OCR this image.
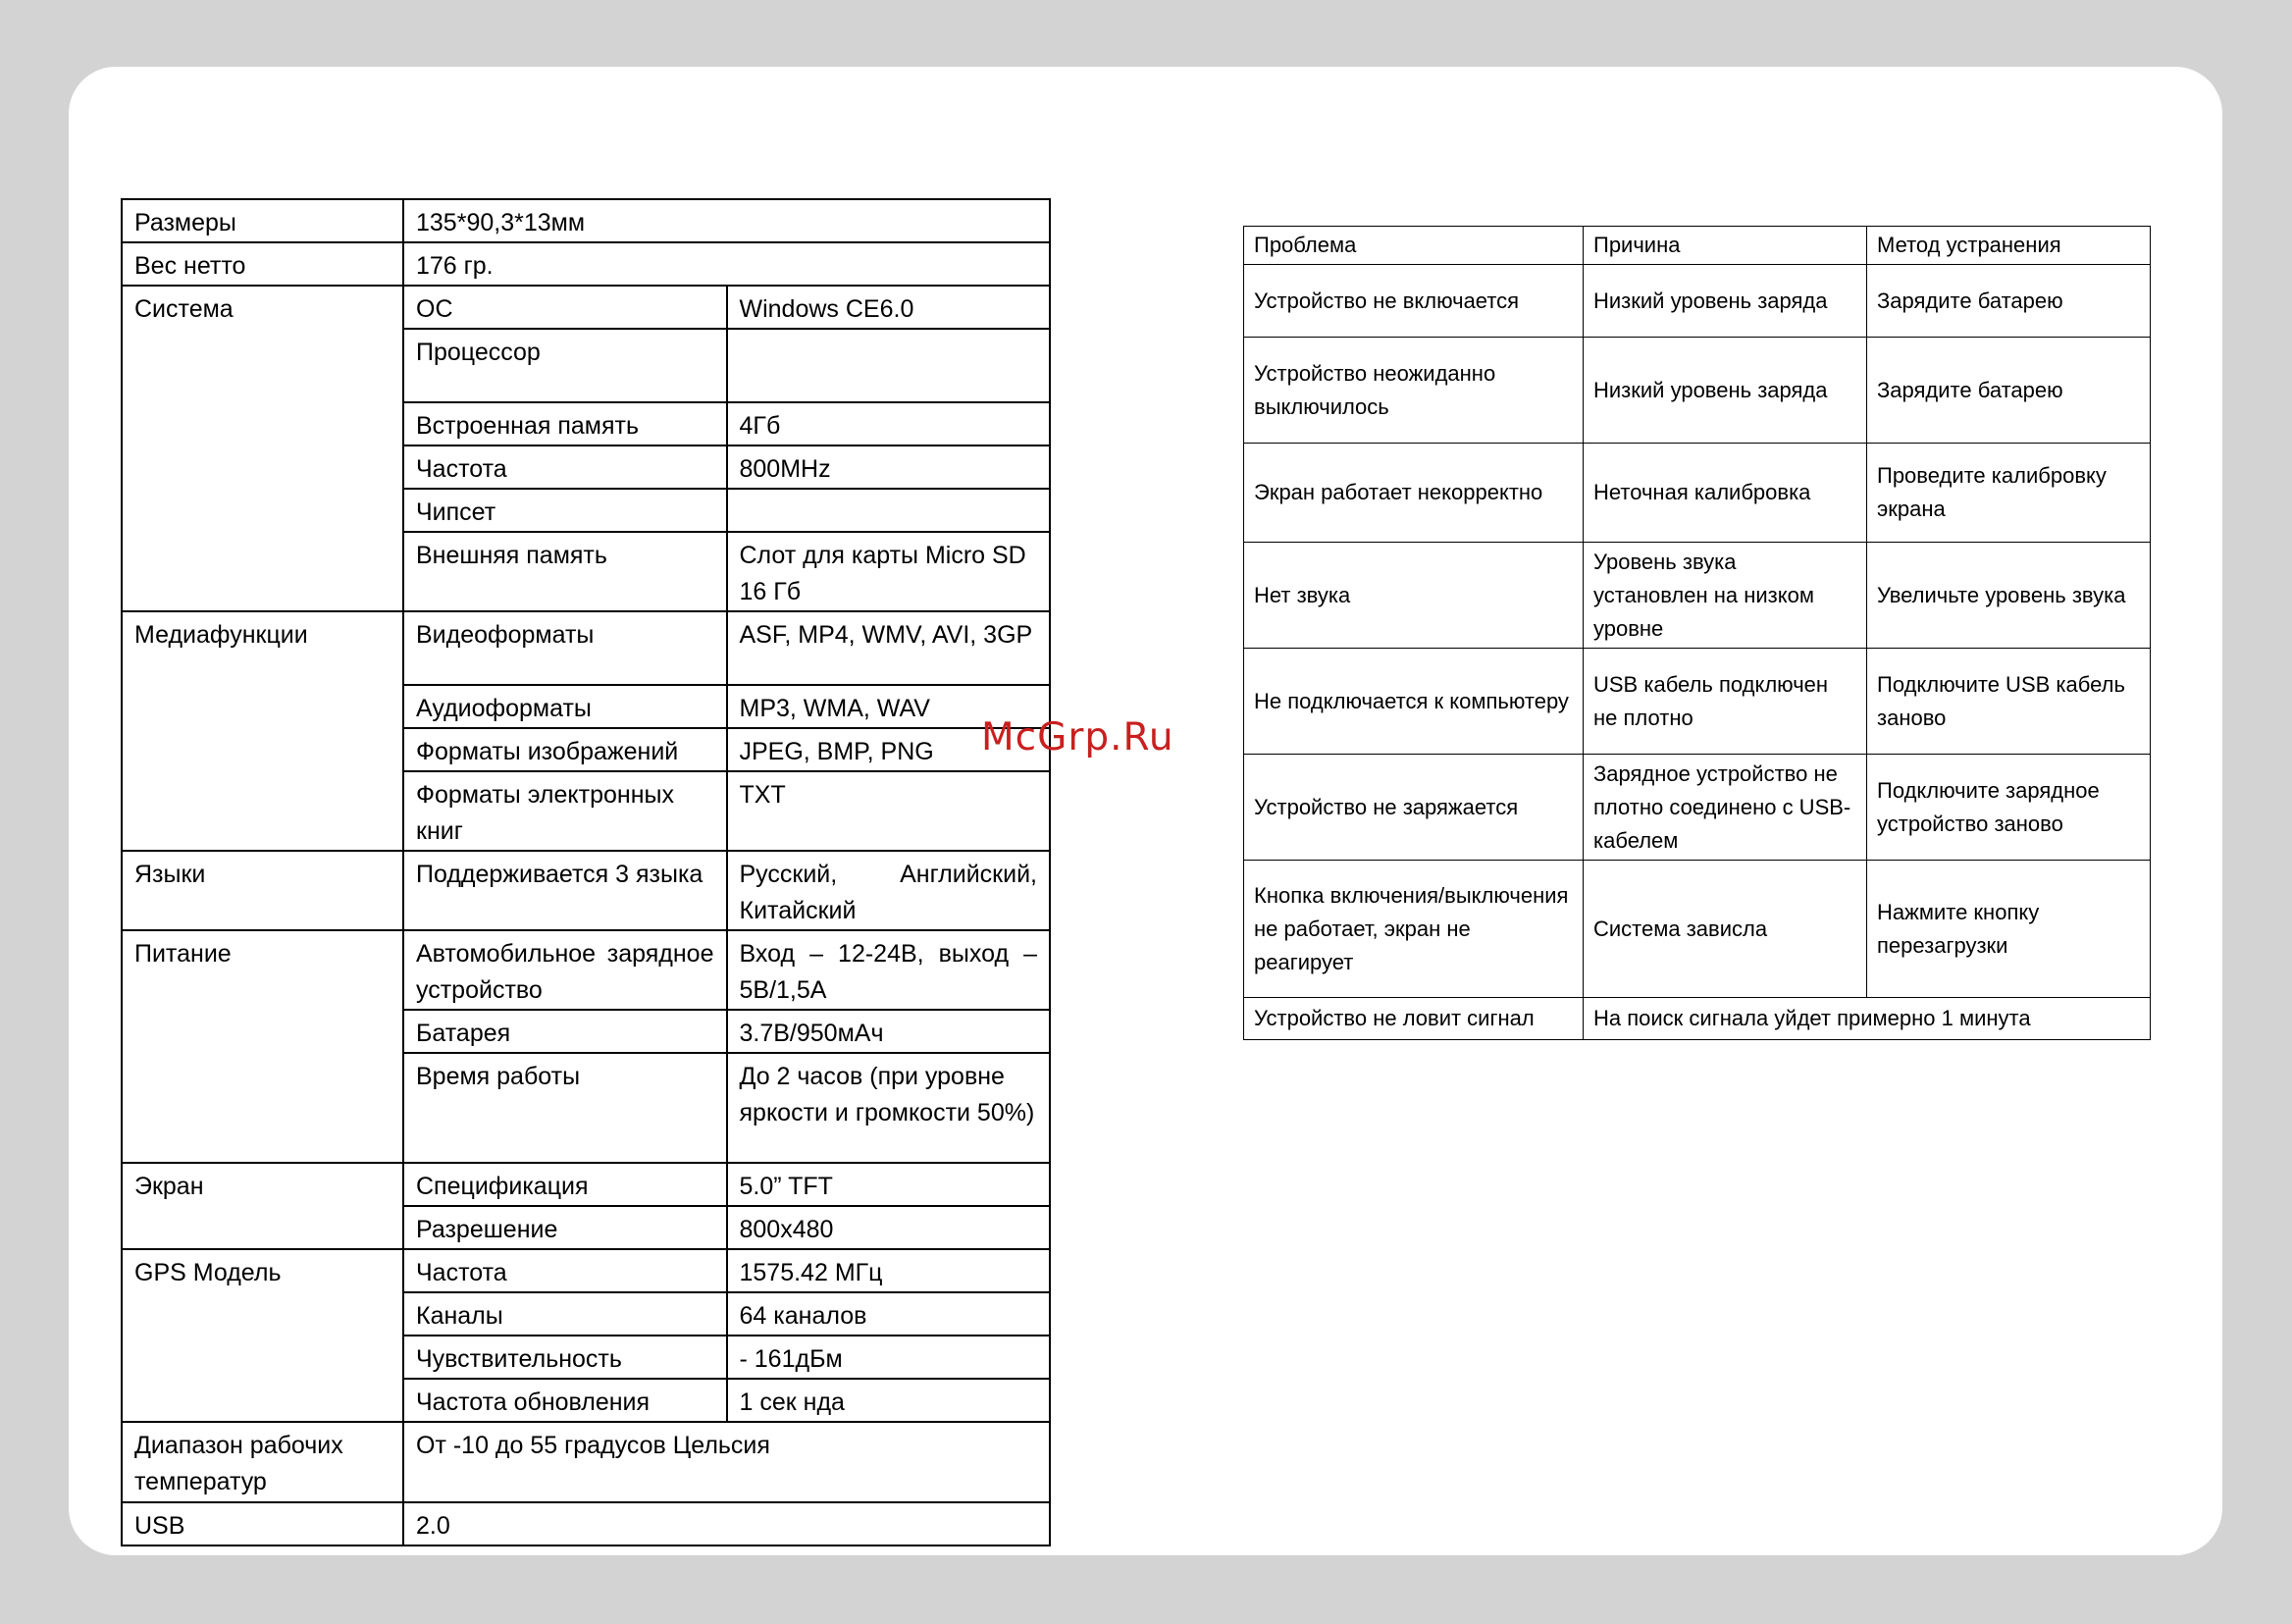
Размеры	135*90,3*13мм	
Вес нетто	176 гр.	
Система	ОС	Windows CE6.0
	Процессор	
	Встроенная память	4Гб
	Частота	800MHz
	Чипсет	
	Внешняя память	Слот для карты Micro SD 16 Гб
Медиафункции	Видеоформаты	ASF, MP4, WMV, AVI, 3GP
	Аудиоформаты	MP3, WMA, WAV
	Форматы изображений	JPEG, BMP, PNG
	Форматы электронных книг	TXT
Языки	Поддерживается 3 языка	Русский, Английский, Китайский
Питание	Автомобильное зарядное устройство	Вход – 12-24В, выход – 5В/1,5А
	Батарея	3.7В/950мАч
	Время работы	До 2 часов (при уровне яркости и громкости 50%)
Экран	Спецификация	5.0” TFT
	Разрешение	800x480
GPS Модель	Частота	1575.42 МГц
	Каналы	64 каналов
	Чувствительность	- 161дБм
	Частота обновления	1 сек нда
Диапазон рабочих температур	От -10 до 55 градусов Цельсия	
USB	2.0	
Проблема	Причина	Метод устранения
Устройство не включается	Низкий уровень заряда	Зарядите батарею
Устройство неожиданно выключилось	Низкий уровень заряда	Зарядите батарею
Экран работает некорректно	Неточная калибровка	Проведите калибровку экрана
Нет звука	Уровень звука установлен на низком уровне	Увеличьте уровень звука
Не подключается к компьютеру	USB кабель подключен не плотно	Подключите USB кабель заново
Устройство не заряжается	Зарядное устройство не плотно соединено с USB-кабелем	Подключите зарядное устройство заново
Кнопка включения/выключения не работает, экран не реагирует	Система зависла	Нажмите кнопку перезагрузки
Устройство не ловит сигнал	На поиск сигнала уйдет примерно 1 минута	
McGrp.Ru
